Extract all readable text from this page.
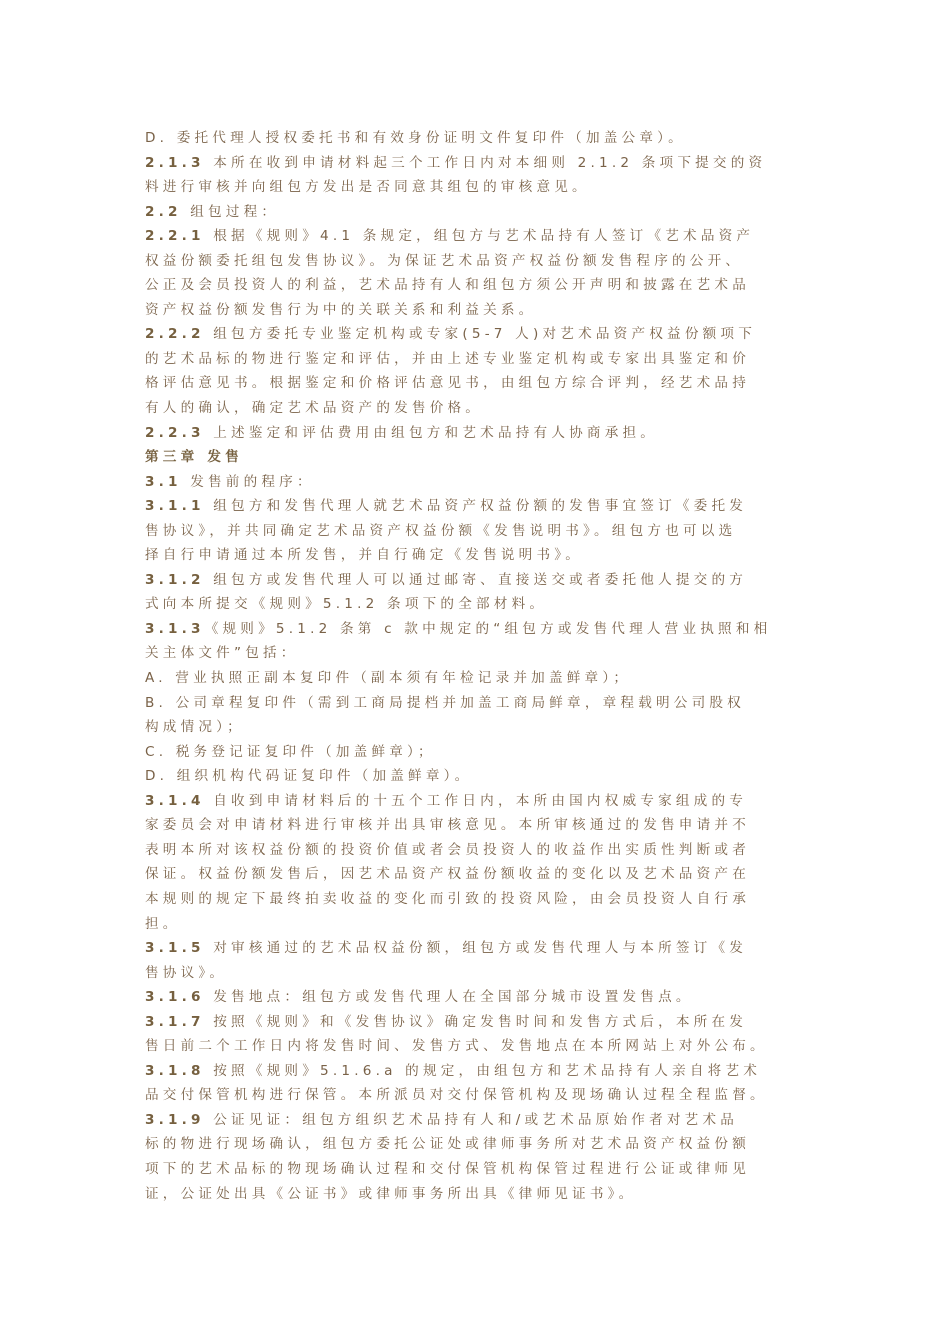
D. 委托代理人授权委托书和有效身份证明文件复印件（加盖公章）。
2.1.3 本所在收到申请材料起三个工作日内对本细则 2.1.2 条项下提交的资
料进行审核并向组包方发出是否同意其组包的审核意见。
2.2 组包过程：
2.2.1 根据《规则》4.1 条规定，组包方与艺术品持有人签订《艺术品资产
权益份额委托组包发售协议》。为保证艺术品资产权益份额发售程序的公开、
公正及会员投资人的利益，艺术品持有人和组包方须公开声明和披露在艺术品
资产权益份额发售行为中的关联关系和利益关系。
2.2.2 组包方委托专业鉴定机构或专家(5-7 人)对艺术品资产权益份额项下
的艺术品标的物进行鉴定和评估，并由上述专业鉴定机构或专家出具鉴定和价
格评估意见书。根据鉴定和价格评估意见书，由组包方综合评判，经艺术品持
有人的确认，确定艺术品资产的发售价格。
2.2.3 上述鉴定和评估费用由组包方和艺术品持有人协商承担。
第三章 发售
3.1 发售前的程序：
3.1.1 组包方和发售代理人就艺术品资产权益份额的发售事宜签订《委托发
售协议》，并共同确定艺术品资产权益份额《发售说明书》。组包方也可以选
择自行申请通过本所发售，并自行确定《发售说明书》。
3.1.2 组包方或发售代理人可以通过邮寄、直接送交或者委托他人提交的方
式向本所提交《规则》5.1.2 条项下的全部材料。
3.1.3《规则》5.1.2 条第 c 款中规定的“组包方或发售代理人营业执照和相
关主体文件”包括：
A. 营业执照正副本复印件（副本须有年检记录并加盖鲜章）；
B. 公司章程复印件（需到工商局提档并加盖工商局鲜章，章程载明公司股权
构成情况）；
C. 税务登记证复印件（加盖鲜章）；
D. 组织机构代码证复印件（加盖鲜章）。
3.1.4 自收到申请材料后的十五个工作日内，本所由国内权威专家组成的专
家委员会对申请材料进行审核并出具审核意见。本所审核通过的发售申请并不
表明本所对该权益份额的投资价值或者会员投资人的收益作出实质性判断或者
保证。权益份额发售后，因艺术品资产权益份额收益的变化以及艺术品资产在
本规则的规定下最终拍卖收益的变化而引致的投资风险，由会员投资人自行承
担。
3.1.5 对审核通过的艺术品权益份额，组包方或发售代理人与本所签订《发
售协议》。
3.1.6 发售地点：组包方或发售代理人在全国部分城市设置发售点。
3.1.7 按照《规则》和《发售协议》确定发售时间和发售方式后，本所在发
售日前二个工作日内将发售时间、发售方式、发售地点在本所网站上对外公布。
3.1.8 按照《规则》5.1.6.a 的规定，由组包方和艺术品持有人亲自将艺术
品交付保管机构进行保管。本所派员对交付保管机构及现场确认过程全程监督。
3.1.9 公证见证：组包方组织艺术品持有人和/或艺术品原始作者对艺术品
标的物进行现场确认，组包方委托公证处或律师事务所对艺术品资产权益份额
项下的艺术品标的物现场确认过程和交付保管机构保管过程进行公证或律师见
证，公证处出具《公证书》或律师事务所出具《律师见证书》。
